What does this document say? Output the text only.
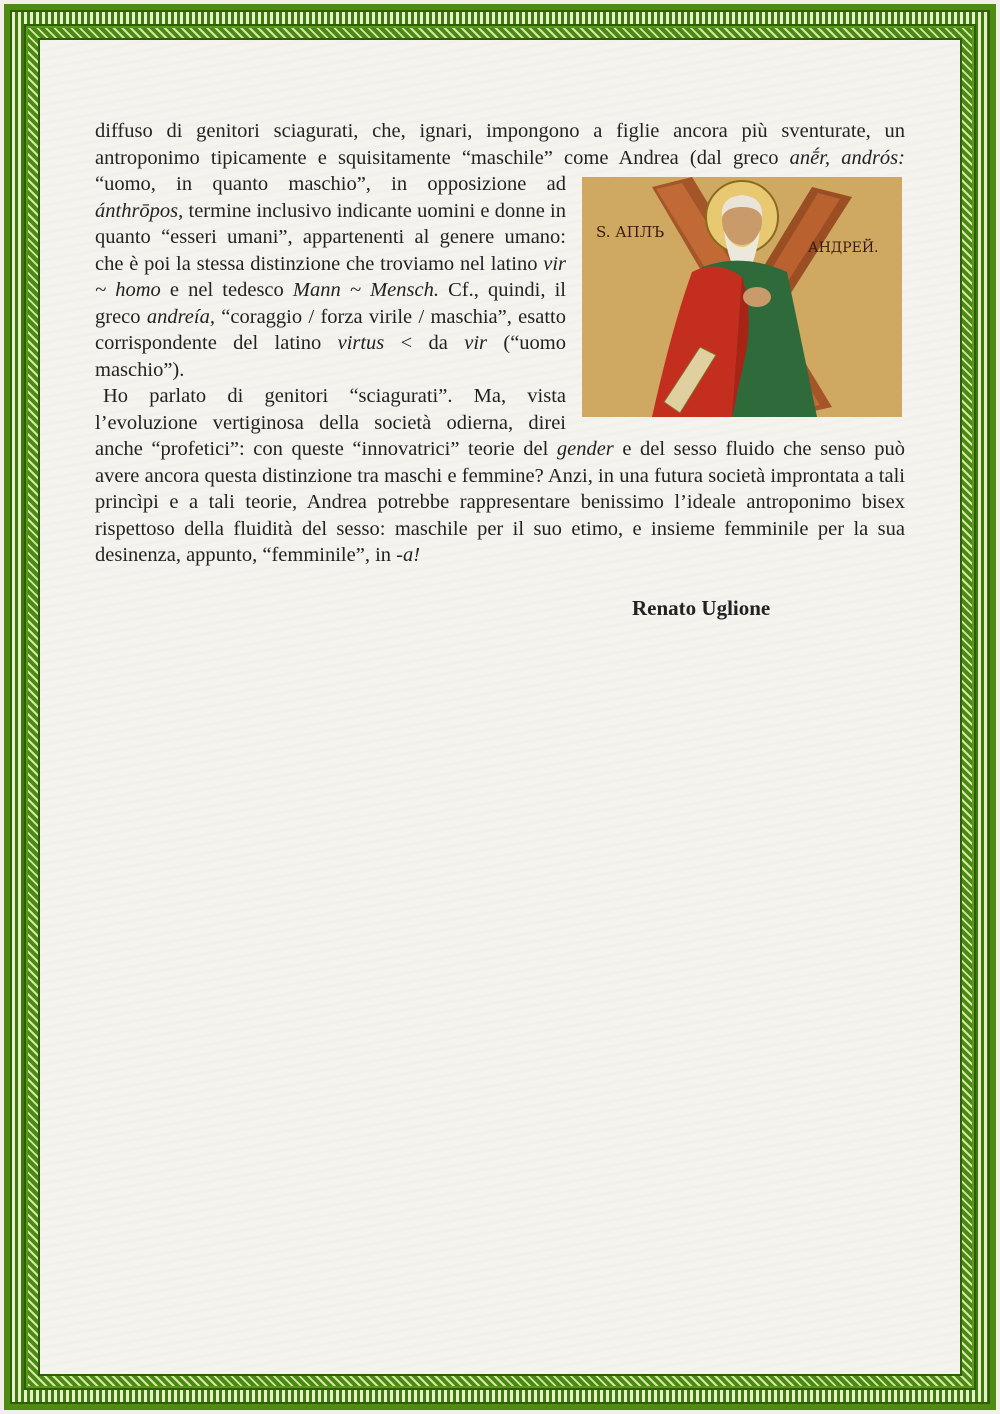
diffuso di genitori sciagurati, che, ignari, impongono a figlie ancora più sventurate, un antroponimo tipicamente e squisitamente “maschile” come Andrea (dal greco
S. АПЛЪ
АНДРЕЙ.
anḗr, andrós: “uomo, in quanto maschio”, in opposizione ad ánthrōpos, termine inclusivo indicante uomini e donne in quanto “esseri umani”, appartenenti al genere umano: che è poi la stessa distinzione che troviamo nel latino vir ~ homo e nel tedesco Mann ~ Mensch. Cf., quindi, il greco andreía, “coraggio / forza virile / maschia”, esatto corrispondente del latino virtus < da vir (“uomo maschio”).

Ho parlato di genitori “sciagurati”. Ma, vista l’evoluzione vertiginosa della società odierna, direi anche “profetici”: con queste “innovatrici” teorie del gender e del sesso fluido che senso può avere ancora questa distinzione tra maschi e femmine? Anzi, in una futura società improntata a tali princìpi e a tali teorie, Andrea potrebbe rappresentare benissimo l’ideale antroponimo bisex rispettoso della fluidità del sesso: maschile per il suo etimo, e insieme femminile per la sua desinenza, appunto, “femminile”, in -a!

Renato Uglione
